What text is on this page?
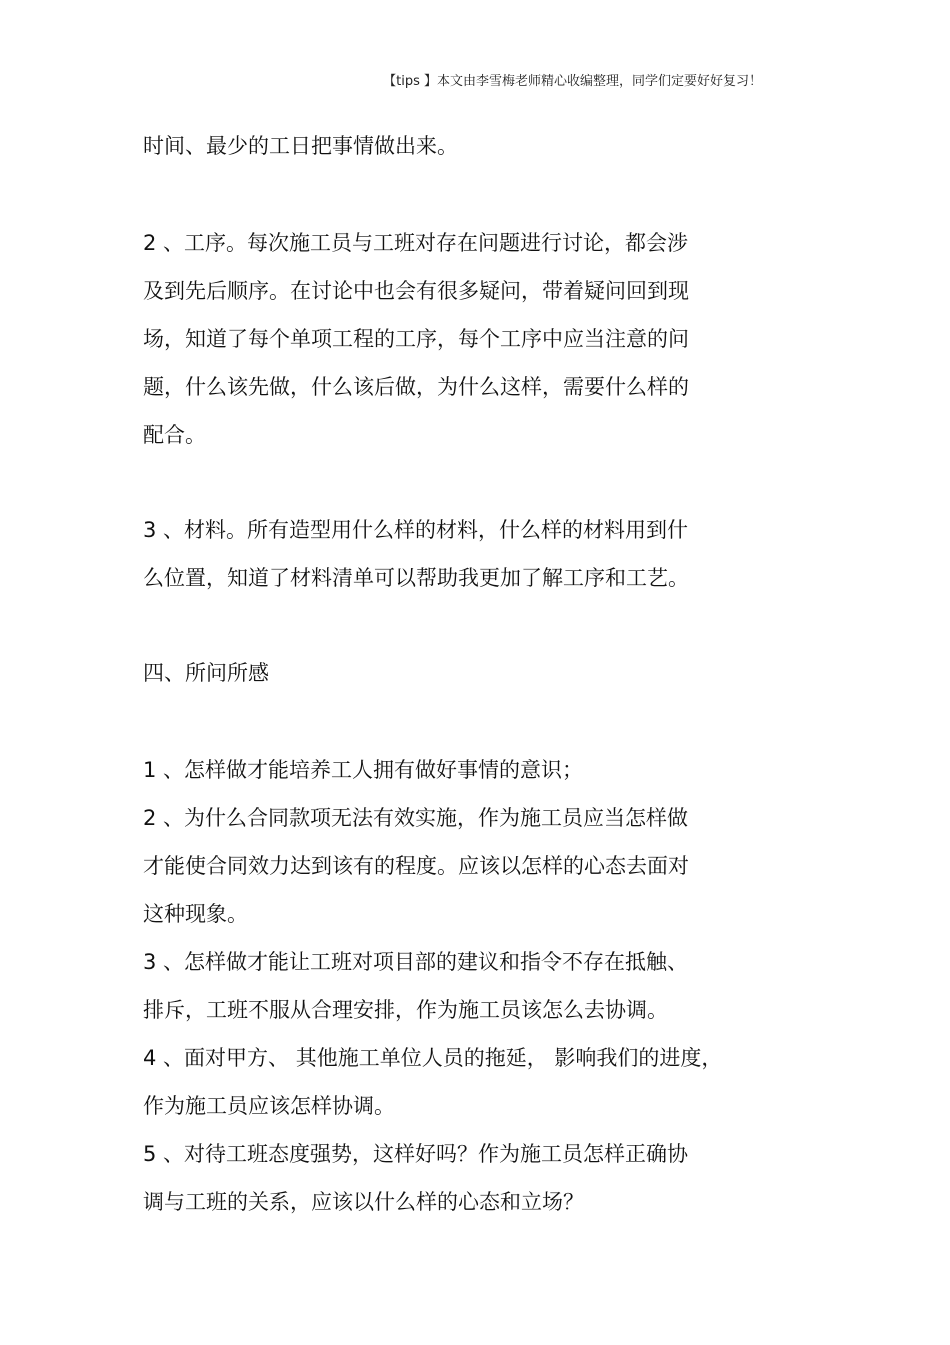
【tips 】本文由李雪梅老师精心收编整理，同学们定要好好复习！
时间、最少的工日把事情做出来。
2 、工序。每次施工员与工班对存在问题进行讨论，都会涉
及到先后顺序。在讨论中也会有很多疑问，带着疑问回到现
场，知道了每个单项工程的工序，每个工序中应当注意的问
题，什么该先做，什么该后做，为什么这样，需要什么样的
配合。
3 、材料。所有造型用什么样的材料，什么样的材料用到什
么位置，知道了材料清单可以帮助我更加了解工序和工艺。
四、所问所感
1 、怎样做才能培养工人拥有做好事情的意识；
2 、为什么合同款项无法有效实施，作为施工员应当怎样做
才能使合同效力达到该有的程度。应该以怎样的心态去面对
这种现象。
3 、怎样做才能让工班对项目部的建议和指令不存在抵触、
排斥，工班不服从合理安排，作为施工员该怎么去协调。
4 、面对甲方、 其他施工单位人员的拖延， 影响我们的进度，
作为施工员应该怎样协调。
5 、对待工班态度强势，这样好吗？作为施工员怎样正确协
调与工班的关系，应该以什么样的心态和立场？
